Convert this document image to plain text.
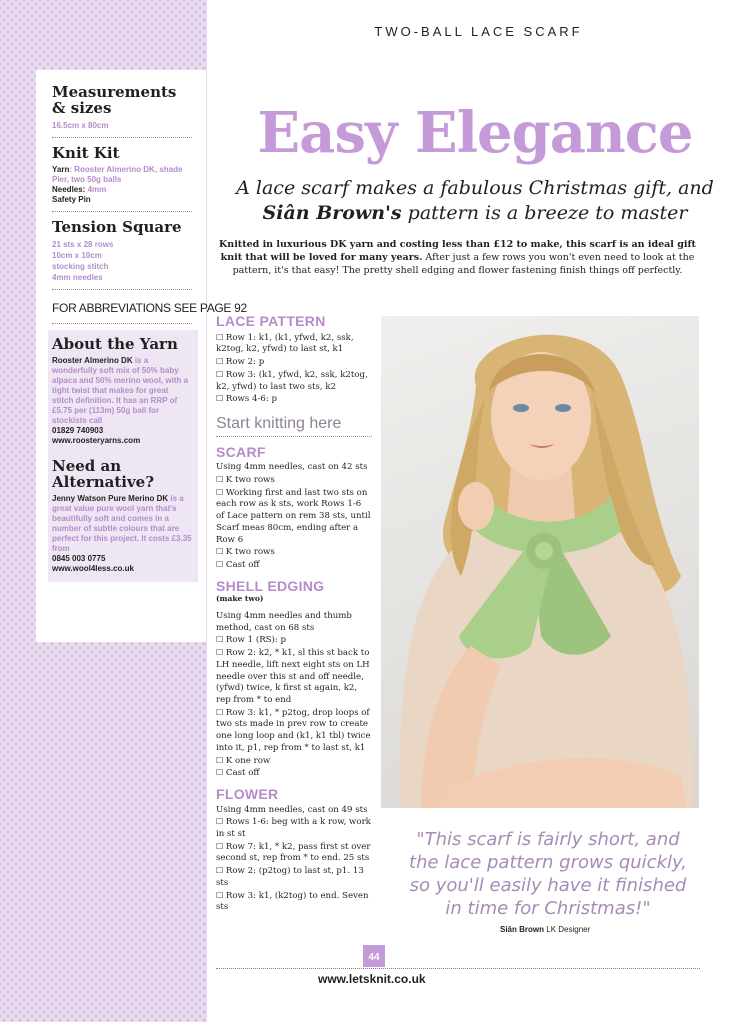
TWO-BALL LACE SCARF
Measurements & sizes
16.5cm x 80cm
Knit Kit
Yarn: Rooster Almerino DK, shade Pier, two 50g balls
Needles: 4mm
Safety Pin
Tension Square
21 sts x 28 rows
10cm x 10cm
stocking stitch
4mm needles
FOR ABBREVIATIONS SEE PAGE 92
About the Yarn
Rooster Almerino DK is a wonderfully soft mix of 50% baby alpaca and 50% merino wool, with a tight twist that makes for great stitch definition. It has an RRP of £5.75 per (113m) 50g ball for stockists call
01829 740903
www.roosteryarns.com
Need an Alternative?
Jenny Watson Pure Merino DK is a great value pure wool yarn that's beautifully soft and comes in a number of subtle colours that are perfect for this project. It costs £3.35 from
0845 003 0775
www.wool4less.co.uk
Easy Elegance
A lace scarf makes a fabulous Christmas gift, and
Siân Brown's pattern is a breeze to master
Knitted in luxurious DK yarn and costing less than £12 to make, this scarf is an ideal gift knit that will be loved for many years. After just a few rows you won't even need to look at the pattern, it's that easy! The pretty shell edging and flower fastening finish things off perfectly.
LACE PATTERN
☐ Row 1: k1, (k1, yfwd, k2, ssk, k2tog, k2, yfwd) to last st, k1
☐ Row 2: p
☐ Row 3: (k1, yfwd, k2, ssk, k2tog, k2, yfwd) to last two sts, k2
☐ Rows 4-6: p
Start knitting here
SCARF
Using 4mm needles, cast on 42 sts
☐ K two rows
☐ Working first and last two sts on each row as k sts, work Rows 1-6 of Lace pattern on rem 38 sts, until Scarf meas 80cm, ending after a Row 6
☐ K two rows
☐ Cast off
SHELL EDGING
(make two)
Using 4mm needles and thumb method, cast on 68 sts
☐ Row 1 (RS): p
☐ Row 2: k2, * k1, sl this st back to LH needle, lift next eight sts on LH needle over this st and off needle, (yfwd) twice, k first st again, k2, rep from * to end
☐ Row 3: k1, * p2tog, drop loops of two sts made in prev row to create one long loop and (k1, k1 tbl) twice into it, p1, rep from * to last st, k1
☐ K one row
☐ Cast off
FLOWER
Using 4mm needles, cast on 49 sts
☐ Rows 1-6: beg with a k row, work in st st
☐ Row 7: k1, * k2, pass first st over second st, rep from * to end. 25 sts
☐ Row 2: (p2tog) to last st, p1. 13 sts
☐ Row 3: k1, (k2tog) to end. Seven sts
"This scarf is fairly short, and the lace pattern grows quickly, so you'll easily have it finished in time for Christmas!"
Siân Brown LK Designer
44
www.letsknit.co.uk
